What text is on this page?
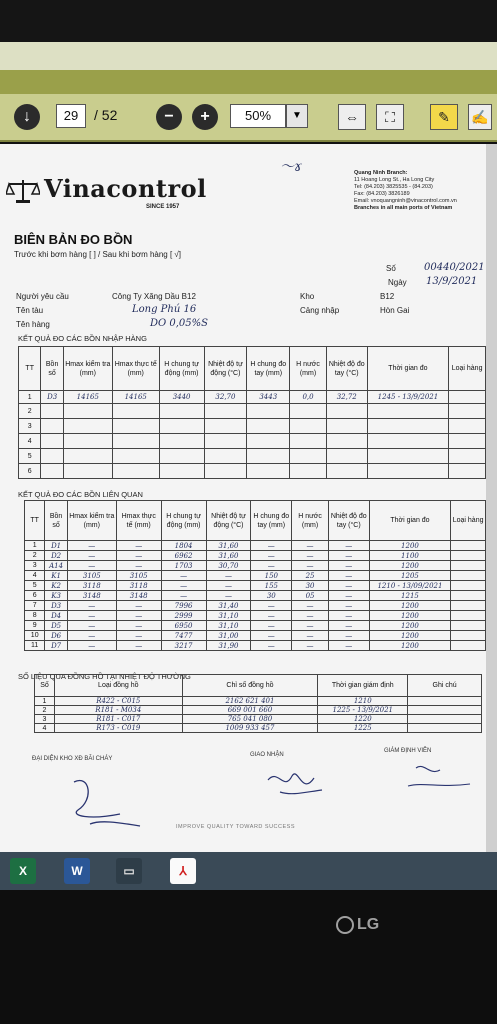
↓	29	/ 52	−	+	50%	▼	⇔	⛶	✎	✍
〜ɤ
Vinacontrol
SINCE 1957
Quang Ninh Branch:
11 Hoang Long St., Ha Long City
Tel: (84.203) 3825535 - (84.203)
Fax: (84.203) 3826189
Email: vnoquangninh@vinacontrol.com.vn
Branches in all main ports of Vietnam
BIÊN BẢN ĐO BỒN
Trước khi bơm hàng [ ] / Sau khi bơm hàng [ √]
Số	00440/2021
Ngày 13/9/2021
Người yêu cầu	Công Ty Xăng Dầu B12	Kho	B12
Tên tàu	Long Phú 16	Cảng nhập	Hòn Gai
Tên hàng	DO 0,05%S
KẾT QUẢ ĐO CÁC BỒN NHẬP HÀNG
TT	Bồn số	Hmax kiểm tra (mm)	Hmax thực tế (mm)	H chung tự động (mm)	Nhiệt độ tự động (°C)	H chung đo tay (mm)	H nước (mm)	Nhiệt độ đo tay (°C)	Thời gian đo	Loại hàng
1	D3	14165	14165	3440	32,70	3443	0,0	32,72	1245 - 13/9/2021	
2										
3										
4										
5										
6										
KẾT QUẢ ĐO CÁC BỒN LIÊN QUAN
TT	Bồn số	Hmax kiểm tra (mm)	Hmax thực tế (mm)	H chung tự động (mm)	Nhiệt độ tự động (°C)	H chung đo tay (mm)	H nước (mm)	Nhiệt độ đo tay (°C)	Thời gian đo	Loại hàng
1	D1	—	—	1804	31,60	—	—	—	1200	
2	D2	—	—	6962	31,60	—	—	—	1100	
3	A14	—	—	1703	30,70	—	—	—	1200	
4	K1	3105	3105	—	—	150	25	—	1205	
5	K2	3118	3118	—	—	155	30	—	1210 - 13/09/2021	
6	K3	3148	3148	—	—	30	05	—	1215	
7	D3	—	—	7996	31,40	—	—	—	1200	
8	D4	—	—	2999	31,10	—	—	—	1200	
9	D5	—	—	6950	31,10	—	—	—	1200	
10	D6	—	—	7477	31,00	—	—	—	1200	
11	D7	—	—	3217	31,90	—	—	—	1200	
SỐ LIỆU QUA ĐỒNG HỒ TẠI NHIỆT ĐỘ THƯỜNG
Số	Loại đồng hồ	Chỉ số đồng hồ	Thời gian giám định	Ghi chú
1	R422 - C015	2162 621 401	1210	
2	R181 - M034	669 001 660	1225 - 13/9/2021	
3	R181 - C017	765 041 080	1220	
4	R173 - C019	1009 933 457	1225	
ĐẠI DIỆN KHO XĐ BÃI CHÁY
GIAO NHẬN
GIÁM ĐỊNH VIÊN
IMPROVE QUALITY TOWARD SUCCESS
X	W	▭	⅄
LG
